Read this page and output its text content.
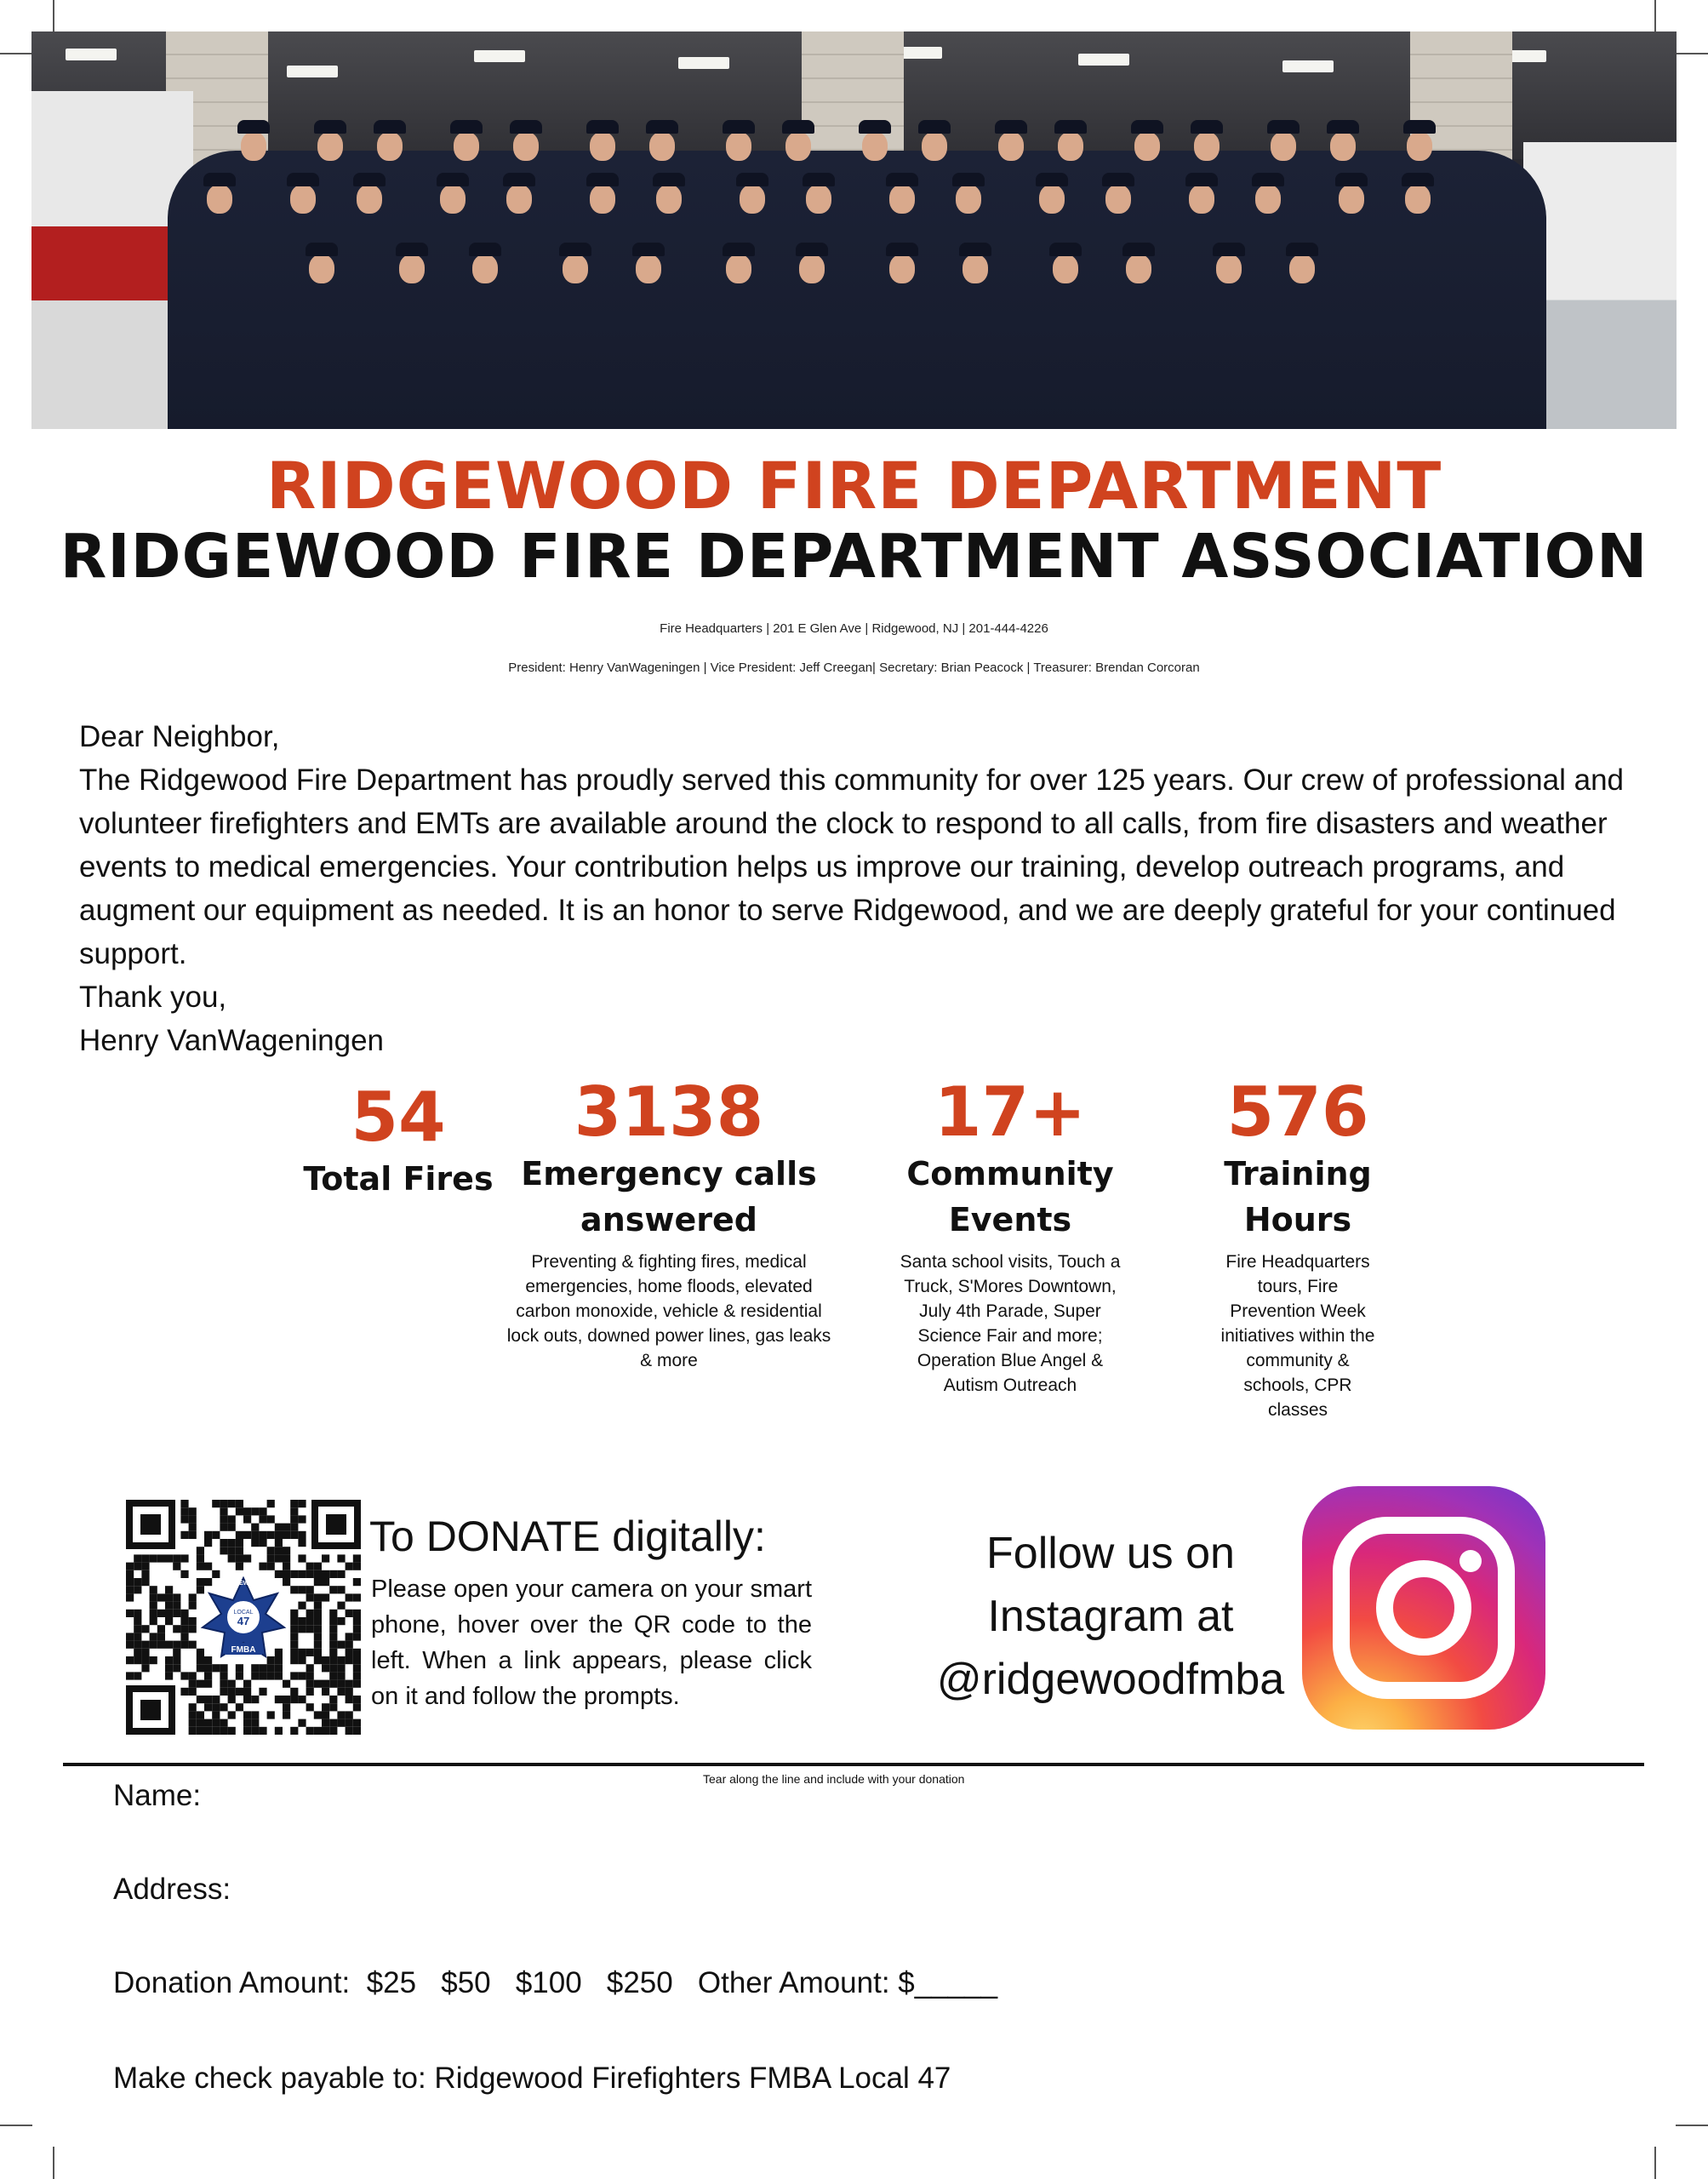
RIDGEWOOD FIRE DEPARTMENT
RIDGEWOOD FIRE DEPARTMENT ASSOCIATION
Fire Headquarters | 201 E Glen Ave | Ridgewood, NJ | 201-444-4226
President: Henry VanWageningen | Vice President: Jeff Creegan| Secretary: Brian Peacock | Treasurer: Brendan Corcoran

Dear Neighbor,

The Ridgewood Fire Department has proudly served this community for over 125 years. Our crew of professional and volunteer firefighters and EMTs are available around the clock to respond to all calls, from fire disasters and weather events to medical emergencies. Your contribution helps us improve our training, develop outreach programs, and augment our equipment as needed. It is an honor to serve Ridgewood, and we are deeply grateful for your continued support.

Thank you,

Henry VanWageningen

54
Total Fires
3138
Emergency calls answered
Preventing & fighting fires, medical emergencies, home floods, elevated carbon monoxide, vehicle & residential lock outs, downed power lines, gas leaks & more
17+
Community Events
Santa school visits, Touch a Truck, S'Mores Downtown, July 4th Parade, Super Science Fair and more; Operation Blue Angel & Autism Outreach
576
Training Hours
Fire Headquarters tours, Fire Prevention Week initiatives within the community & schools, CPR classes
LOCAL
47
RIDGEWOOD
FMBA
To DONATE digitally:
Please open your camera on your smart phone, hover over the QR code to the left. When a link appears, please click on it and follow the prompts.
Follow us on Instagram at @ridgewoodfmba
Tear along the line and include with your donation
Name:
Address:
Donation Amount:  $25   $50   $100   $250   Other Amount: $_____
Make check payable to: Ridgewood Firefighters FMBA Local 47
